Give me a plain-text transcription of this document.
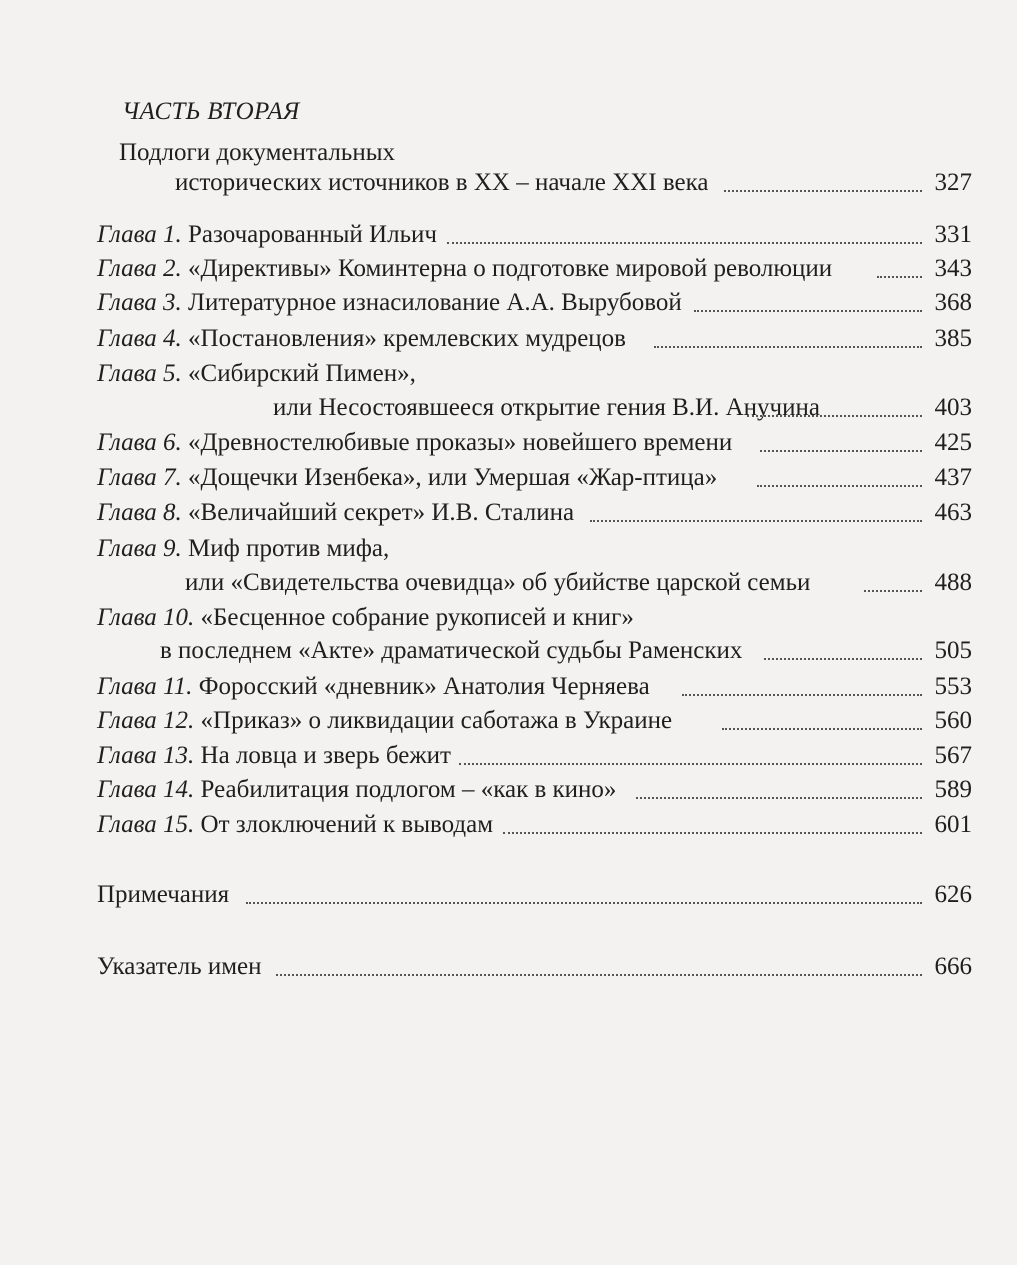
ЧАСТЬ ВТОРАЯ
Подлоги документальных
исторических источников в XX – начале XXI века	327
Глава 1. Разочарованный Ильич	331
Глава 2. «Директивы» Коминтерна о подготовке мировой революции	343
Глава 3. Литературное изнасилование А.А. Вырубовой	368
Глава 4. «Постановления» кремлевских мудрецов	385
Глава 5. «Сибирский Пимен»,
или Несостоявшееся открытие гения В.И. Анучина	403
Глава 6. «Древностелюбивые проказы» новейшего времени	425
Глава 7. «Дощечки Изенбека», или Умершая «Жар-птица»	437
Глава 8. «Величайший секрет» И.В. Сталина	463
Глава 9. Миф против мифа,
или «Свидетельства очевидца» об убийстве царской семьи	488
Глава 10. «Бесценное собрание рукописей и книг»
в последнем «Акте» драматической судьбы Раменских	505
Глава 11. Форосский «дневник» Анатолия Черняева	553
Глава 12. «Приказ» о ликвидации саботажа в Украине	560
Глава 13. На ловца и зверь бежит	567
Глава 14. Реабилитация подлогом – «как в кино»	589
Глава 15. От злоключений к выводам	601
Примечания	626
Указатель имен	666
